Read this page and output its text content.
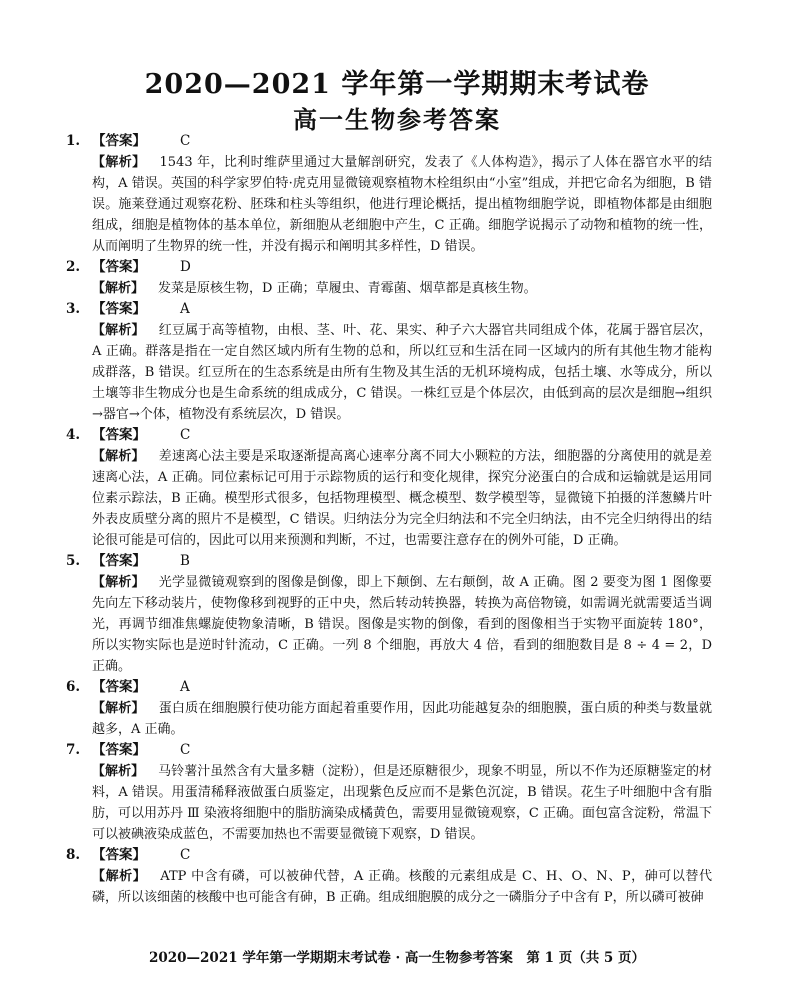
2020—2021 学年第一学期期末考试卷
高一生物参考答案
1. 【答案】	C
【解析】 1543 年，比利时维萨里通过大量解剖研究，发表了《人体构造》，揭示了人体在器官水平的结构，A 错误。英国的科学家罗伯特·虎克用显微镜观察植物木栓组织由“小室”组成，并把它命名为细胞，B 错误。施莱登通过观察花粉、胚珠和柱头等组织，他进行理论概括，提出植物细胞学说，即植物体都是由细胞组成，细胞是植物体的基本单位，新细胞从老细胞中产生，C 正确。细胞学说揭示了动物和植物的统一性，从而阐明了生物界的统一性，并没有揭示和阐明其多样性，D 错误。
2. 【答案】	D
【解析】 发菜是原核生物，D 正确；草履虫、青霉菌、烟草都是真核生物。
3. 【答案】	A
【解析】 红豆属于高等植物，由根、茎、叶、花、果实、种子六大器官共同组成个体，花属于器官层次，A 正确。群落是指在一定自然区域内所有生物的总和，所以红豆和生活在同一区域内的所有其他生物才能构成群落，B 错误。红豆所在的生态系统是由所有生物及其生活的无机环境构成，包括土壤、水等成分，所以土壤等非生物成分也是生命系统的组成成分，C 错误。一株红豆是个体层次，由低到高的层次是细胞→组织→器官→个体，植物没有系统层次，D 错误。
4. 【答案】	C
【解析】 差速离心法主要是采取逐渐提高离心速率分离不同大小颗粒的方法，细胞器的分离使用的就是差速离心法，A 正确。同位素标记可用于示踪物质的运行和变化规律，探究分泌蛋白的合成和运输就是运用同位素示踪法，B 正确。模型形式很多，包括物理模型、概念模型、数学模型等，显微镜下拍摄的洋葱鳞片叶外表皮质壁分离的照片不是模型，C 错误。归纳法分为完全归纳法和不完全归纳法，由不完全归纳得出的结论很可能是可信的，因此可以用来预测和判断，不过，也需要注意存在的例外可能，D 正确。
5. 【答案】	B
【解析】 光学显微镜观察到的图像是倒像，即上下颠倒、左右颠倒，故 A 正确。图 2 要变为图 1 图像要先向左下移动装片，使物像移到视野的正中央，然后转动转换器，转换为高倍物镜，如需调光就需要适当调光，再调节细准焦螺旋使物象清晰，B 错误。图像是实物的倒像，看到的图像相当于实物平面旋转 180°，所以实物实际也是逆时针流动，C 正确。一列 8 个细胞，再放大 4 倍，看到的细胞数目是 8 ÷ 4 = 2，D 正确。
6. 【答案】	A
【解析】 蛋白质在细胞膜行使功能方面起着重要作用，因此功能越复杂的细胞膜，蛋白质的种类与数量就越多，A 正确。
7. 【答案】	C
【解析】 马铃薯汁虽然含有大量多糖（淀粉），但是还原糖很少，现象不明显，所以不作为还原糖鉴定的材料，A 错误。用蛋清稀释液做蛋白质鉴定，出现紫色反应而不是紫色沉淀，B 错误。花生子叶细胞中含有脂肪，可以用苏丹 Ⅲ 染液将细胞中的脂肪滴染成橘黄色，需要用显微镜观察，C 正确。面包富含淀粉，常温下可以被碘液染成蓝色，不需要加热也不需要显微镜下观察，D 错误。
8. 【答案】	C
【解析】 ATP 中含有磷，可以被砷代替，A 正确。核酸的元素组成是 C、H、O、N、P，砷可以替代磷，所以该细菌的核酸中也可能含有砷，B 正确。组成细胞膜的成分之一磷脂分子中含有 P，所以磷可被砷
2020—2021 学年第一学期期末考试卷 · 高一生物参考答案　第 1 页（共 5 页）
